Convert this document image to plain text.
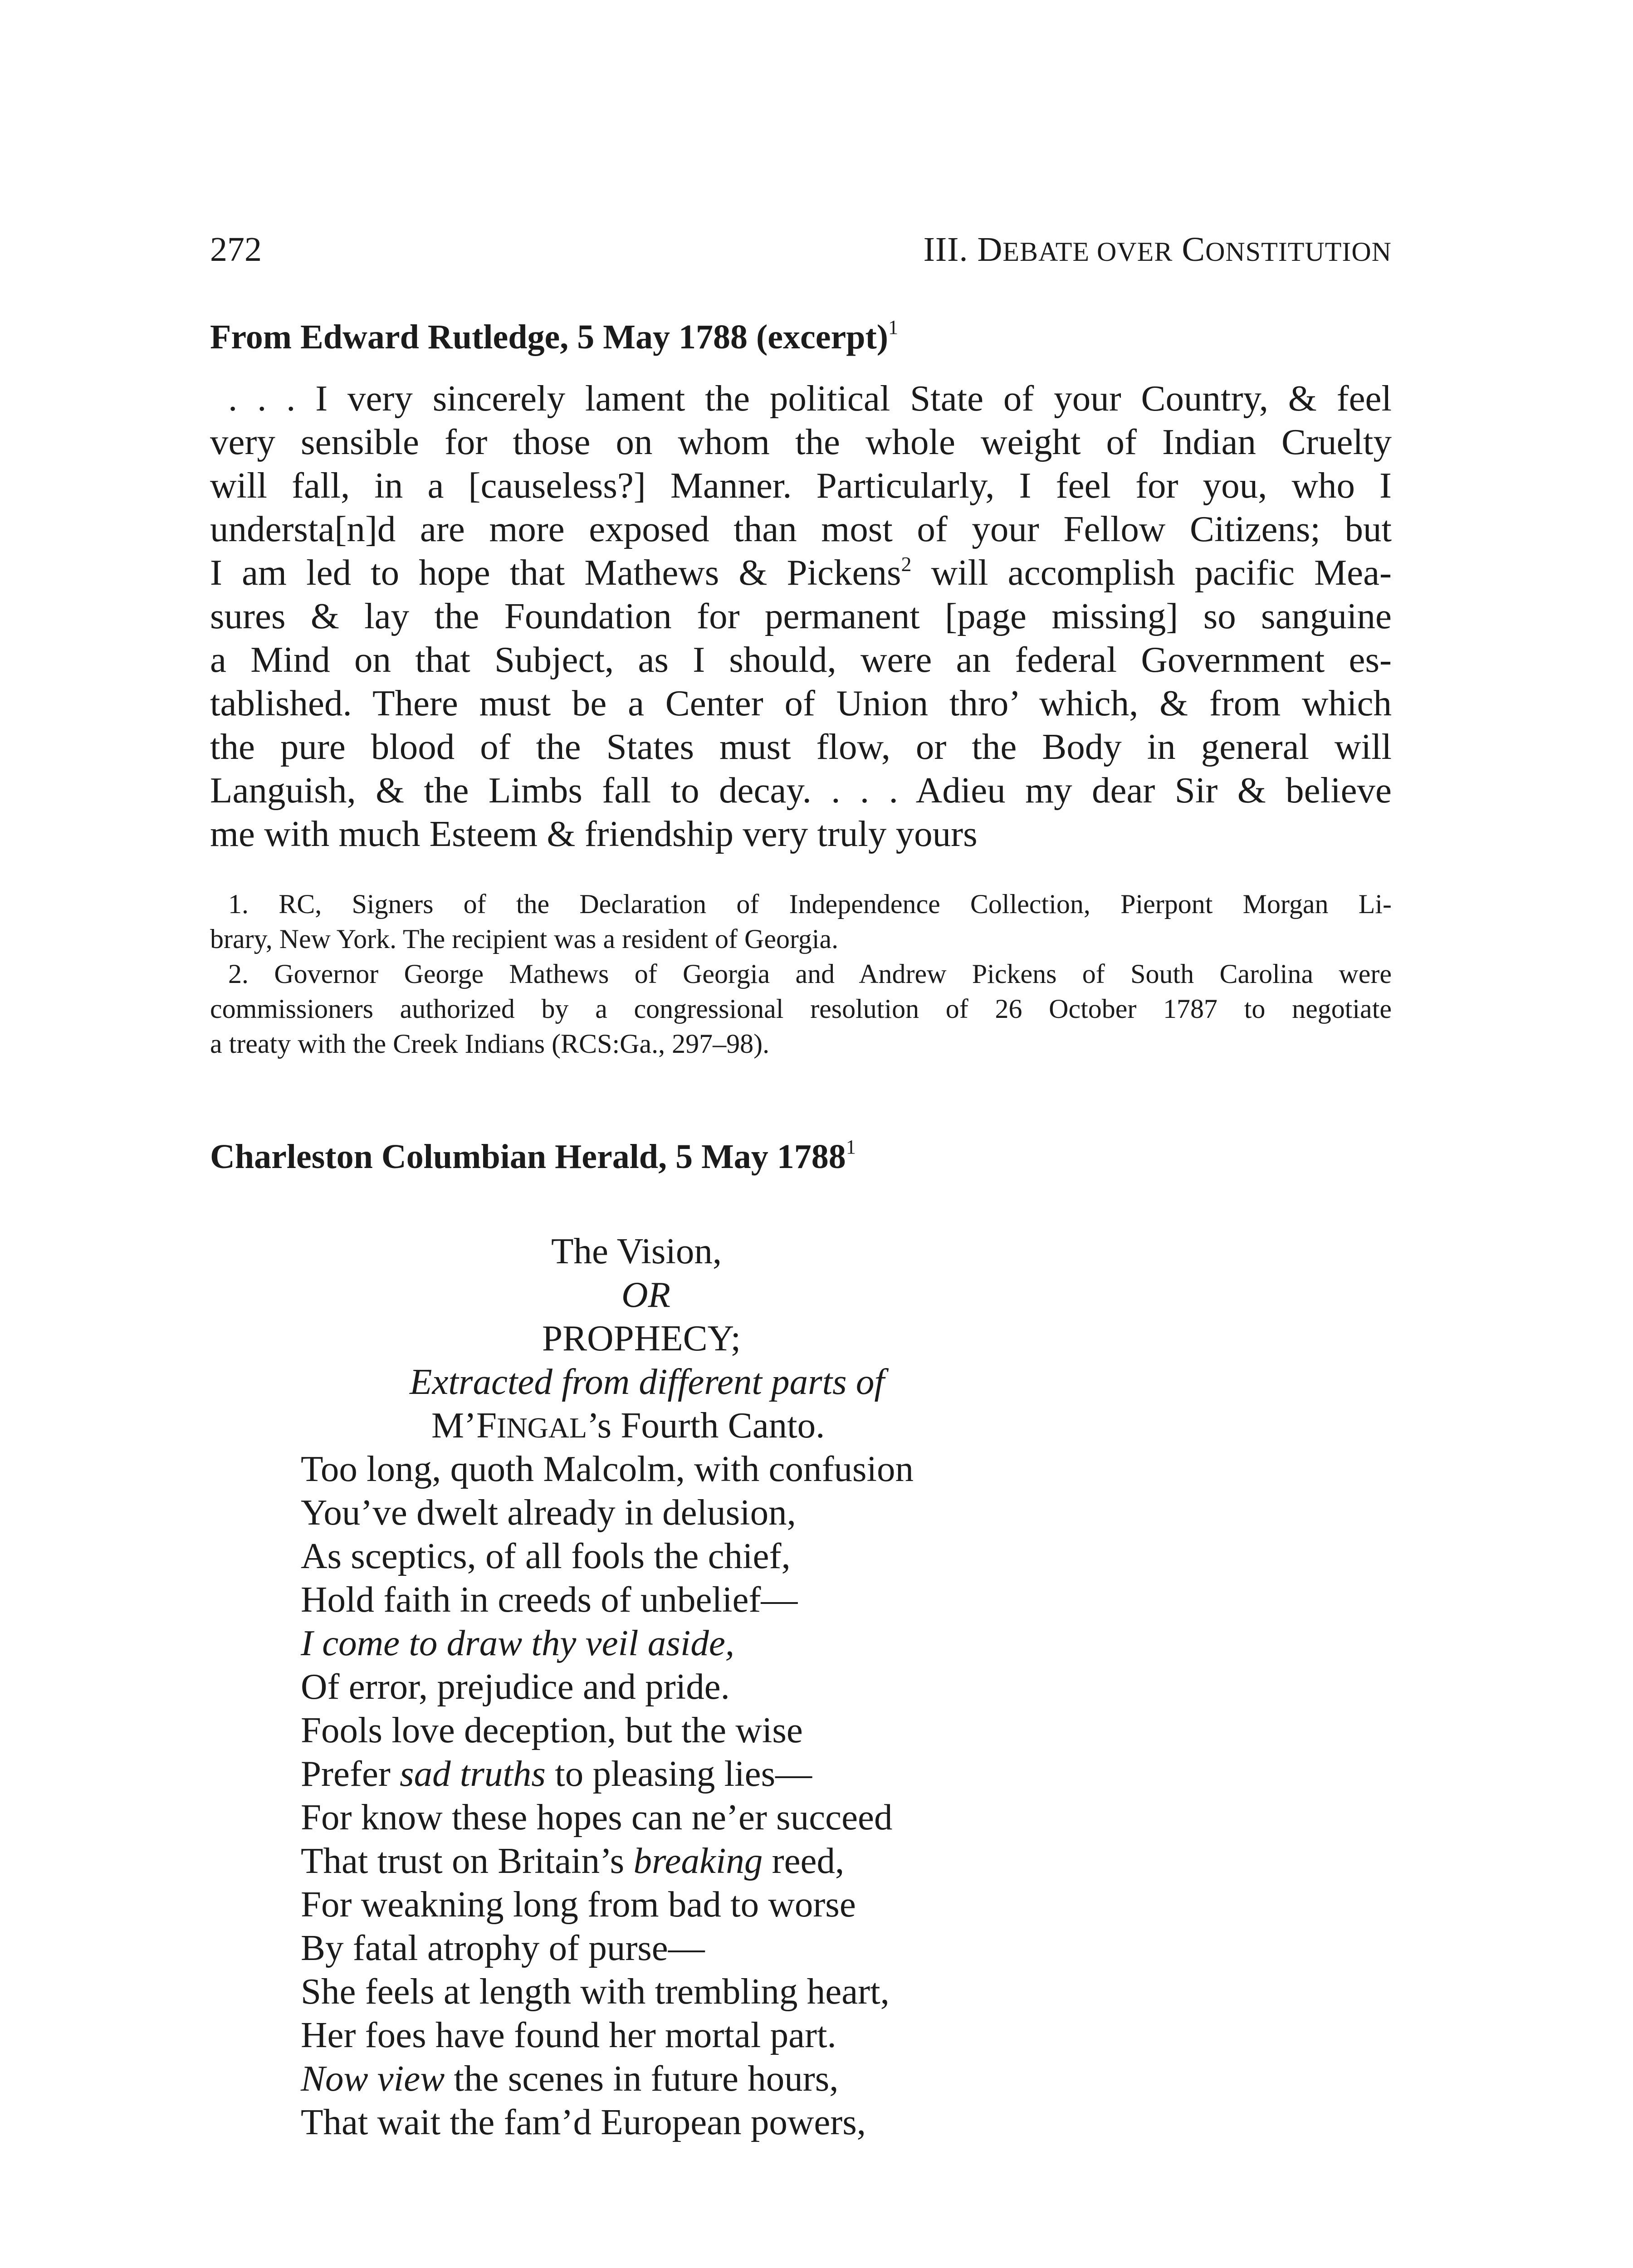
272	III. DEBATE OVER CONSTITUTION
From Edward Rutledge, 5 May 1788 (excerpt)$^1$
. . . I very sincerely lament the political State of your Country, & feel
very sensible for those on whom the whole weight of Indian Cruelty
will fall, in a [causeless?] Manner. Particularly, I feel for you, who I
understa[n]d are more exposed than most of your Fellow Citizens; but
I am led to hope that Mathews & Pickens$^2$ will accomplish pacific Mea-
sures & lay the Foundation for permanent [page missing] so sanguine
a Mind on that Subject, as I should, were an federal Government es-
tablished. There must be a Center of Union thro’ which, & from which
the pure blood of the States must flow, or the Body in general will
Languish, & the Limbs fall to decay. . . . Adieu my dear Sir & believe
me with much Esteem & friendship very truly yours
1. RC, Signers of the Declaration of Independence Collection, Pierpont Morgan Li-
brary, New York. The recipient was a resident of Georgia.
2. Governor George Mathews of Georgia and Andrew Pickens of South Carolina were
commissioners authorized by a congressional resolution of 26 October 1787 to negotiate
a treaty with the Creek Indians (RCS:Ga., 297–98).
Charleston Columbian Herald, 5 May 1788$^1$
The Vision,
OR
PROPHECY;
Extracted from different parts of
M’FINGAL’s Fourth Canto.
Too long, quoth Malcolm, with confusion
You’ve dwelt already in delusion,
As sceptics, of all fools the chief,
Hold faith in creeds of unbelief—
I come to draw thy veil aside,
Of error, prejudice and pride.
Fools love deception, but the wise
Prefer sad truths to pleasing lies—
For know these hopes can ne’er succeed
That trust on Britain’s breaking reed,
For weakning long from bad to worse
By fatal atrophy of purse—
She feels at length with trembling heart,
Her foes have found her mortal part.
Now view the scenes in future hours,
That wait the fam’d European powers,
